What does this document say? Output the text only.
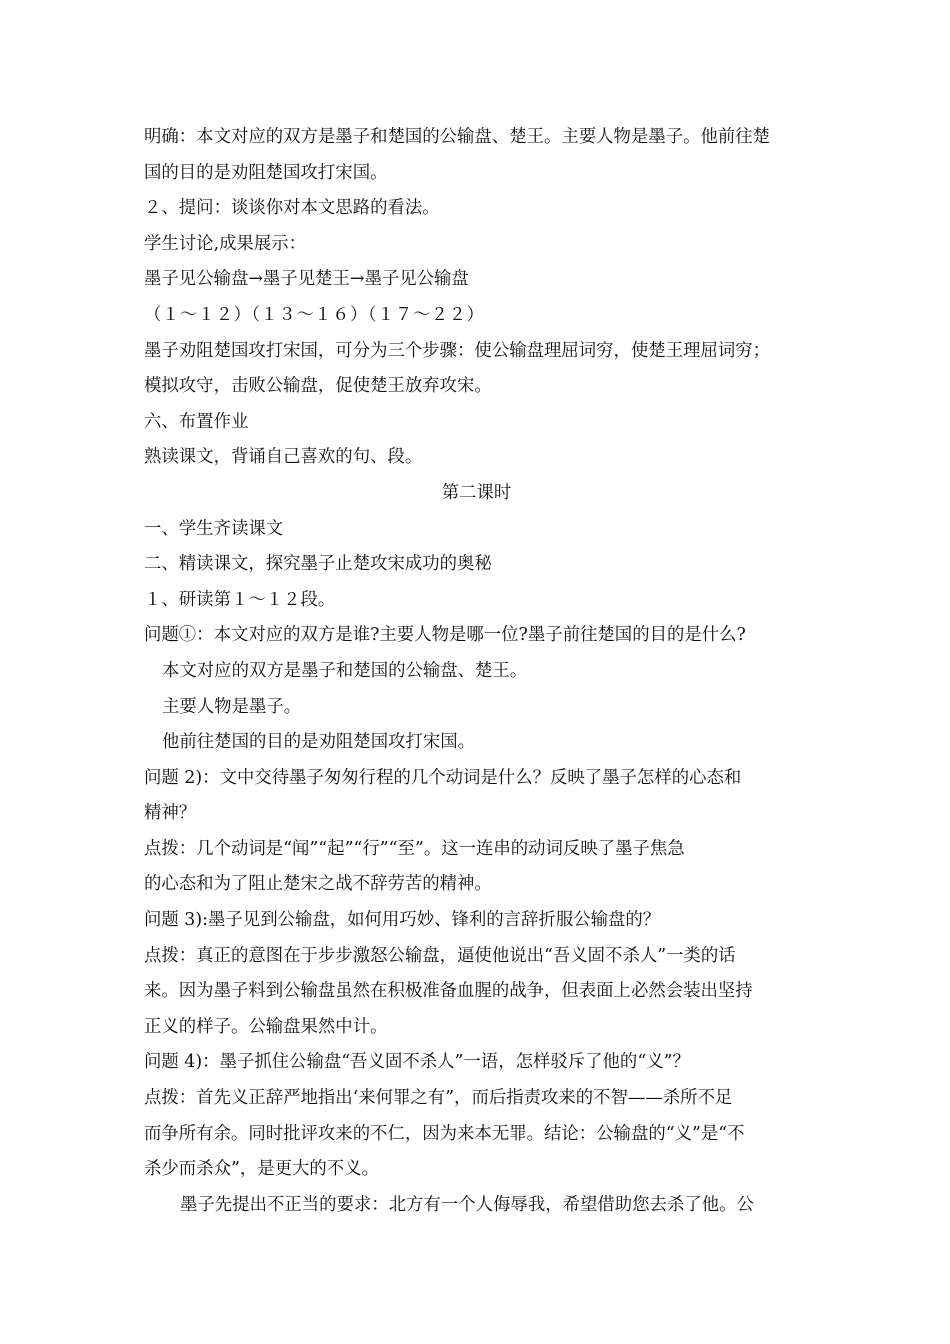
明确：本文对应的双方是墨子和楚国的公输盘、楚王。主要人物是墨子。他前往楚
国的目的是劝阻楚国攻打宋国。
２、提问：谈谈你对本文思路的看法。
学生讨论,成果展示：
墨子见公输盘→墨子见楚王→墨子见公输盘
（１～１２）（１３～１６）（１７～２２）
墨子劝阻楚国攻打宋国，可分为三个步骤：使公输盘理屈词穷，使楚王理屈词穷；
模拟攻守，击败公输盘，促使楚王放弃攻宋。
六、布置作业
熟读课文，背诵自己喜欢的句、段。
第二课时
一、学生齐读课文
二、精读课文，探究墨子止楚攻宋成功的奥秘
１、研读第１～１２段。
问题①：本文对应的双方是谁?主要人物是哪一位?墨子前往楚国的目的是什么?
本文对应的双方是墨子和楚国的公输盘、楚王。
主要人物是墨子。
他前往楚国的目的是劝阻楚国攻打宋国。
问题 2)：文中交待墨子匆匆行程的几个动词是什么？反映了墨子怎样的心态和
精神？
点拨：几个动词是“闻”“起”“行”“至”。这一连串的动词反映了墨子焦急
的心态和为了阻止楚宋之战不辞劳苦的精神。
问题 3):墨子见到公输盘，如何用巧妙、锋利的言辞折服公输盘的？
点拨：真正的意图在于步步激怒公输盘，逼使他说出“吾义固不杀人”一类的话
来。因为墨子料到公输盘虽然在积极准备血腥的战争，但表面上必然会装出坚持
正义的样子。公输盘果然中计。
问题 4)：墨子抓住公输盘“吾义固不杀人”一语，怎样驳斥了他的“义”？
点拨：首先义正辞严地指出‘来何罪之有”，而后指责攻来的不智——杀所不足
而争所有余。同时批评攻来的不仁，因为来本无罪。结论：公输盘的“义”是“不
杀少而杀众”，是更大的不义。
墨子先提出不正当的要求：北方有一个人侮辱我，希望借助您去杀了他。公
